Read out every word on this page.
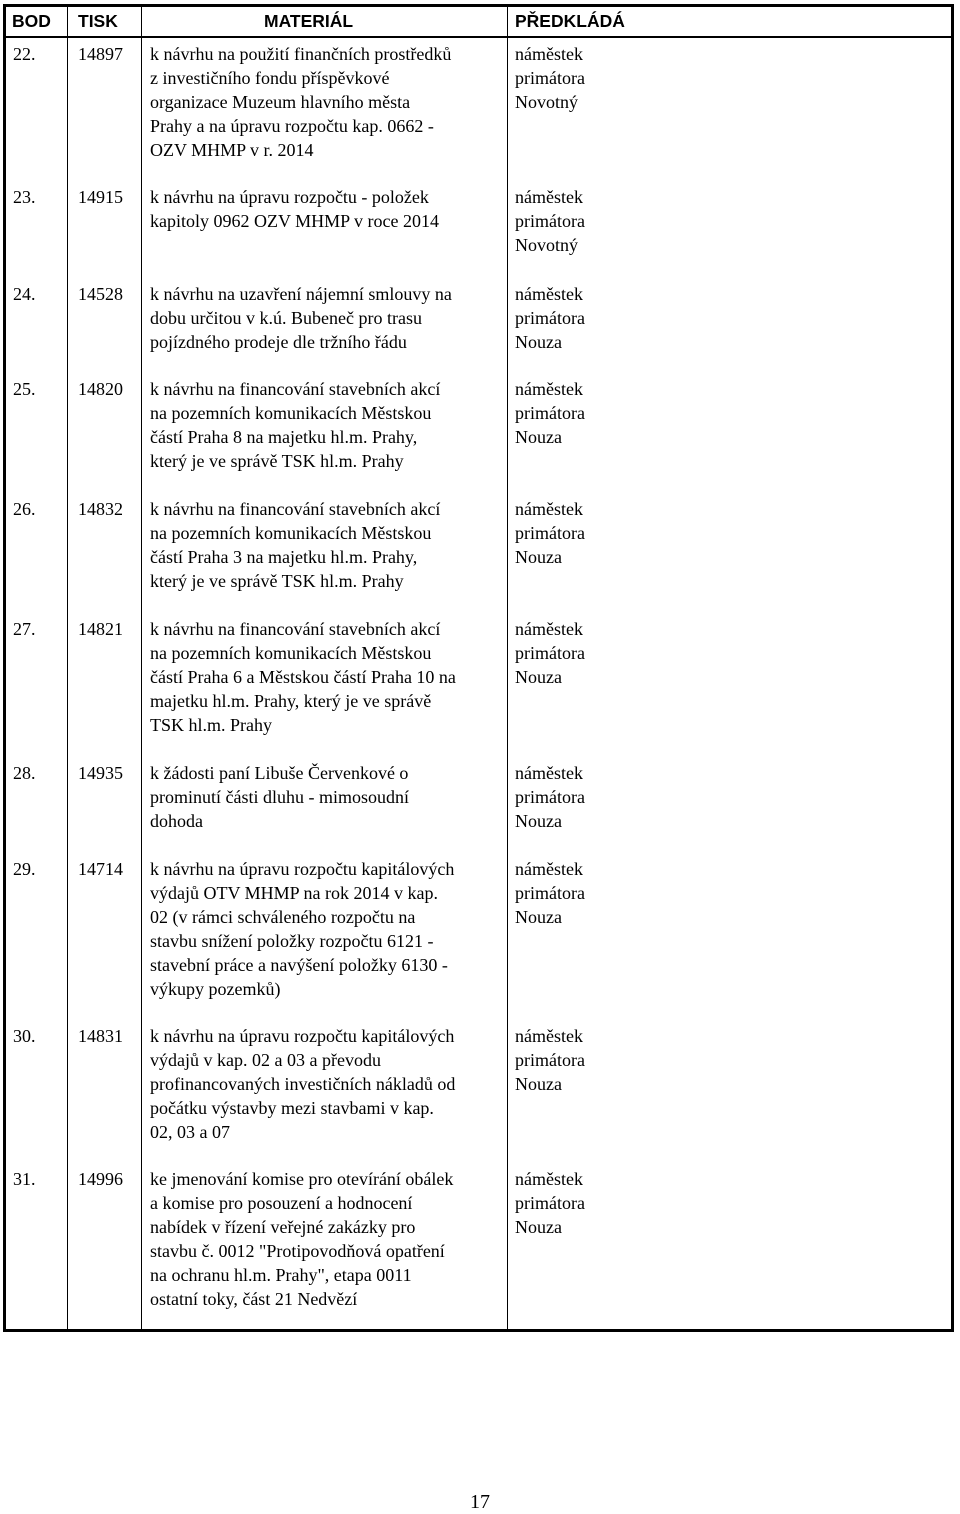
BOD TISK	MATERIÁL	PŘEDKLÁDÁ
22. 14897 k návrhu na použití finančních prostředků
z investičního fondu příspěvkové
organizace Muzeum hlavního města
Prahy a na úpravu rozpočtu kap. 0662 -
OZV MHMP v r. 2014
náměstek
primátora
Novotný
23. 14915 k návrhu na úpravu rozpočtu - položek
kapitoly 0962 OZV MHMP v roce 2014
náměstek
primátora
Novotný
24. 14528 k návrhu na uzavření nájemní smlouvy na
dobu určitou v k.ú. Bubeneč pro trasu
pojízdného prodeje dle tržního řádu
náměstek
primátora
Nouza
25. 14820 k návrhu na financování stavebních akcí
na pozemních komunikacích Městskou
částí Praha 8 na majetku hl.m. Prahy,
který je ve správě TSK hl.m. Prahy
náměstek
primátora
Nouza
26. 14832 k návrhu na financování stavebních akcí
na pozemních komunikacích Městskou
částí Praha 3 na majetku hl.m. Prahy,
který je ve správě TSK hl.m. Prahy
náměstek
primátora
Nouza
27. 14821 k návrhu na financování stavebních akcí
na pozemních komunikacích Městskou
částí Praha 6 a Městskou částí Praha 10 na
majetku hl.m. Prahy, který je ve správě
TSK hl.m. Prahy
náměstek
primátora
Nouza
28. 14935 k žádosti paní Libuše Červenkové o
prominutí části dluhu - mimosoudní
dohoda
náměstek
primátora
Nouza
29. 14714 k návrhu na úpravu rozpočtu kapitálových
výdajů OTV MHMP na rok 2014 v kap.
02 (v rámci schváleného rozpočtu na
stavbu snížení položky rozpočtu 6121 -
stavební práce a navýšení položky 6130 -
výkupy pozemků)
náměstek
primátora
Nouza
30. 14831 k návrhu na úpravu rozpočtu kapitálových
výdajů v kap. 02 a 03 a převodu
profinancovaných investičních nákladů od
počátku výstavby mezi stavbami v kap.
02, 03 a 07
náměstek
primátora
Nouza
31. 14996 ke jmenování komise pro otevírání obálek
a komise pro posouzení a hodnocení
nabídek v řízení veřejné zakázky pro
stavbu č. 0012 "Protipovodňová opatření
na ochranu hl.m. Prahy", etapa 0011
ostatní toky, část 21 Nedvězí
náměstek
primátora
Nouza
17
